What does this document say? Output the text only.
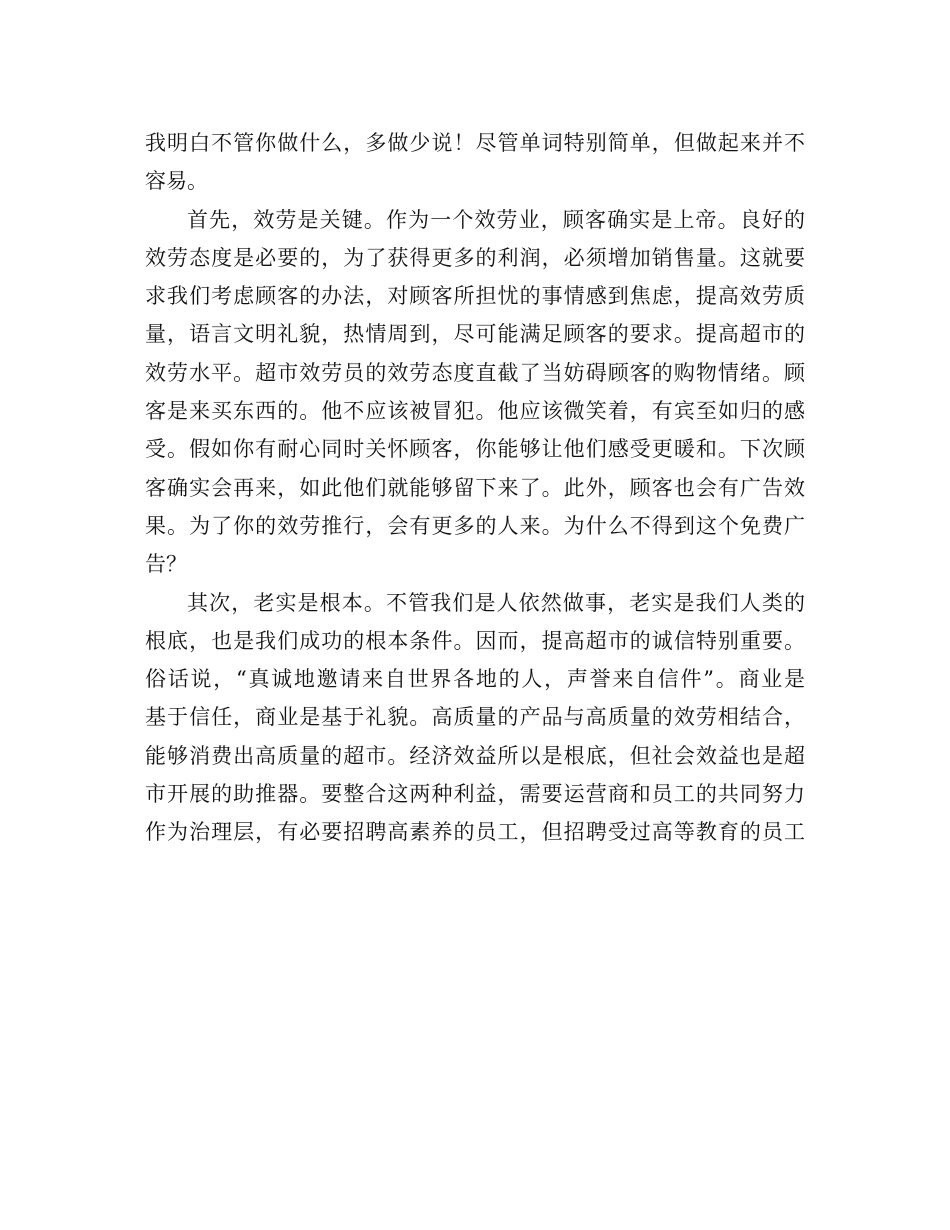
我明白不管你做什么，多做少说！尽管单词特别简单，但做起来并不
容易。
首先，效劳是关键。作为一个效劳业，顾客确实是上帝。良好的
效劳态度是必要的，为了获得更多的利润，必须增加销售量。这就要
求我们考虑顾客的办法，对顾客所担忧的事情感到焦虑，提高效劳质
量，语言文明礼貌，热情周到，尽可能满足顾客的要求。提高超市的
效劳水平。超市效劳员的效劳态度直截了当妨碍顾客的购物情绪。顾
客是来买东西的。他不应该被冒犯。他应该微笑着，有宾至如归的感
受。假如你有耐心同时关怀顾客，你能够让他们感受更暖和。下次顾
客确实会再来，如此他们就能够留下来了。此外，顾客也会有广告效
果。为了你的效劳推行，会有更多的人来。为什么不得到这个免费广
告？
其次，老实是根本。不管我们是人依然做事，老实是我们人类的
根底，也是我们成功的根本条件。因而，提高超市的诚信特别重要。
俗话说，“真诚地邀请来自世界各地的人，声誉来自信件”。商业是
基于信任，商业是基于礼貌。高质量的产品与高质量的效劳相结合，
能够消费出高质量的超市。经济效益所以是根底，但社会效益也是超
市开展的助推器。要整合这两种利益，需要运营商和员工的共同努力
作为治理层，有必要招聘高素养的员工，但招聘受过高等教育的员工
